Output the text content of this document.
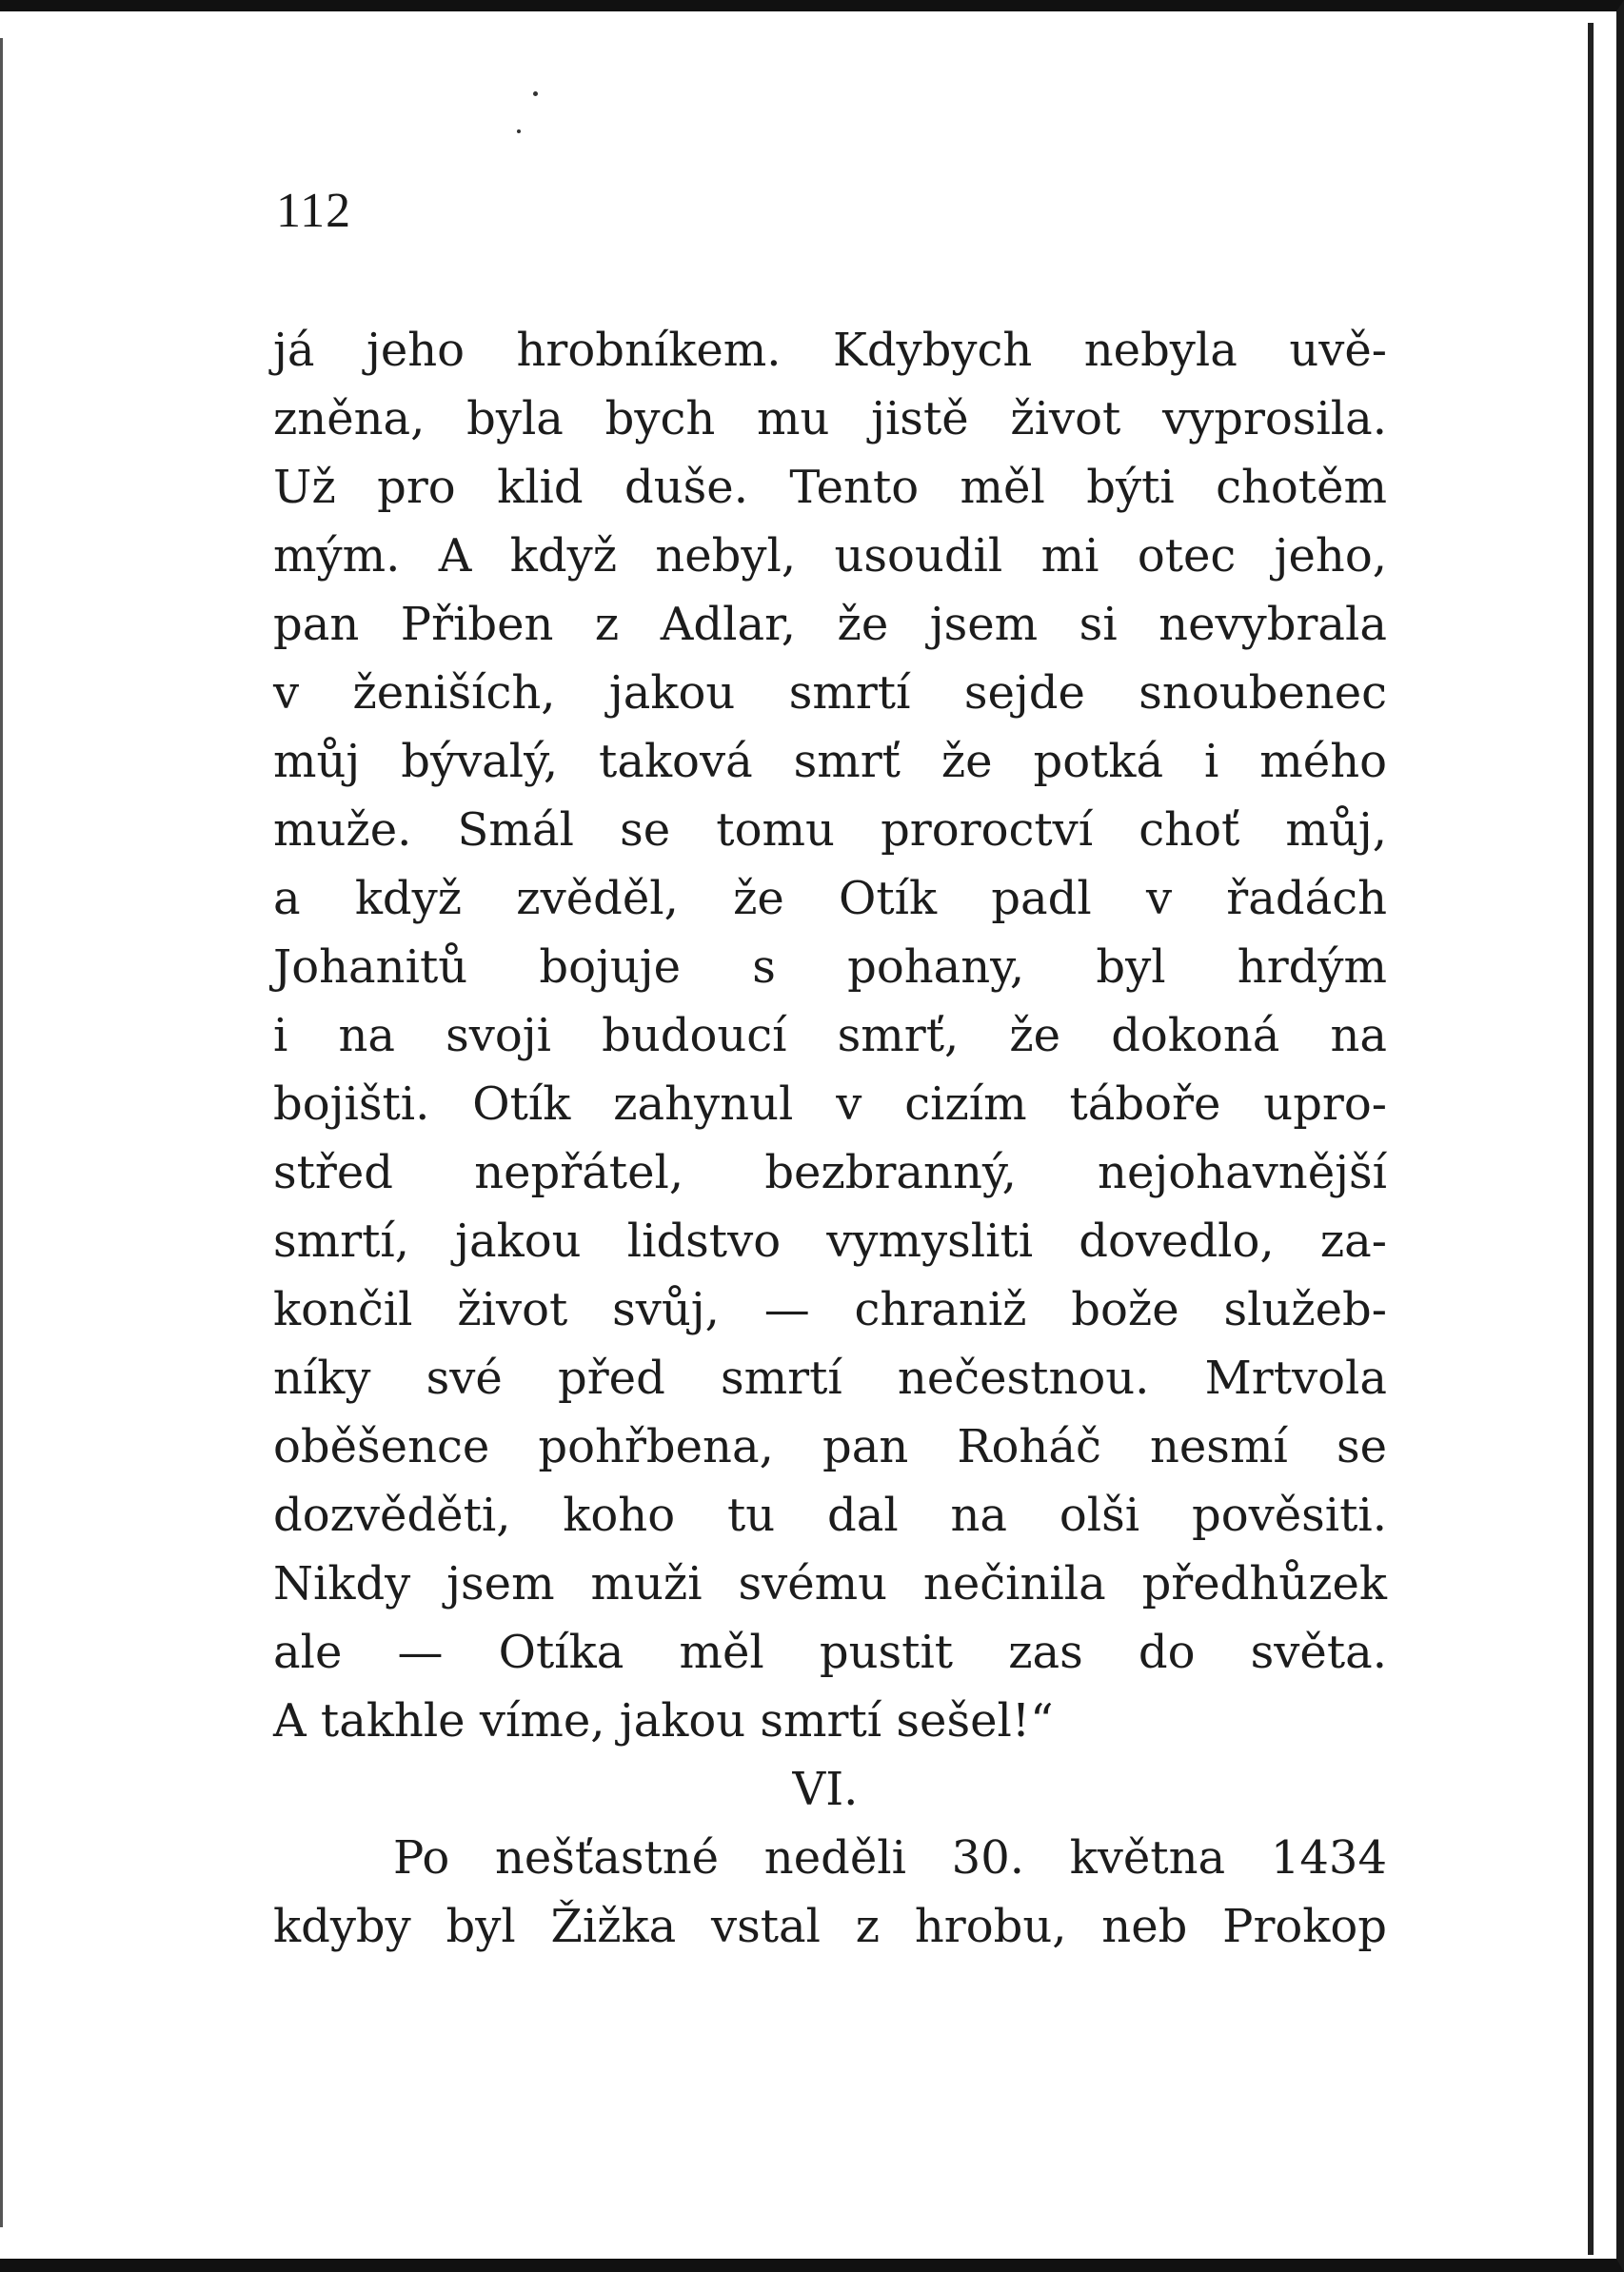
112
já jeho hrobníkem. Kdybych nebyla uvě-
zněna, byla bych mu jistě život vyprosila.
Už pro klid duše. Tento měl býti chotěm
mým. A když nebyl, usoudil mi otec jeho,
pan Přiben z Adlar, že jsem si nevybrala
v ženiších, jakou smrtí sejde snoubenec
můj bývalý, taková smrť že potká i mého
muže. Smál se tomu proroctví choť můj,
a když zvěděl, že Otík padl v řadách
Johanitů bojuje s pohany, byl hrdým
i na svoji budoucí smrť, že dokoná na
bojišti. Otík zahynul v cizím táboře upro-
střed nepřátel, bezbranný, nejohavnější
smrtí, jakou lidstvo vymysliti dovedlo, za-
končil život svůj, — chraniž bože služeb-
níky své před smrtí nečestnou. Mrtvola
oběšence pohřbena, pan Roháč nesmí se
dozvěděti, koho tu dal na olši pověsiti.
Nikdy jsem muži svému nečinila předhůzek
ale — Otíka měl pustit zas do světa.
A takhle víme, jakou smrtí sešel!“
VI.
Po nešťastné neděli 30. května 1434
kdyby byl Žižka vstal z hrobu, neb Prokop
